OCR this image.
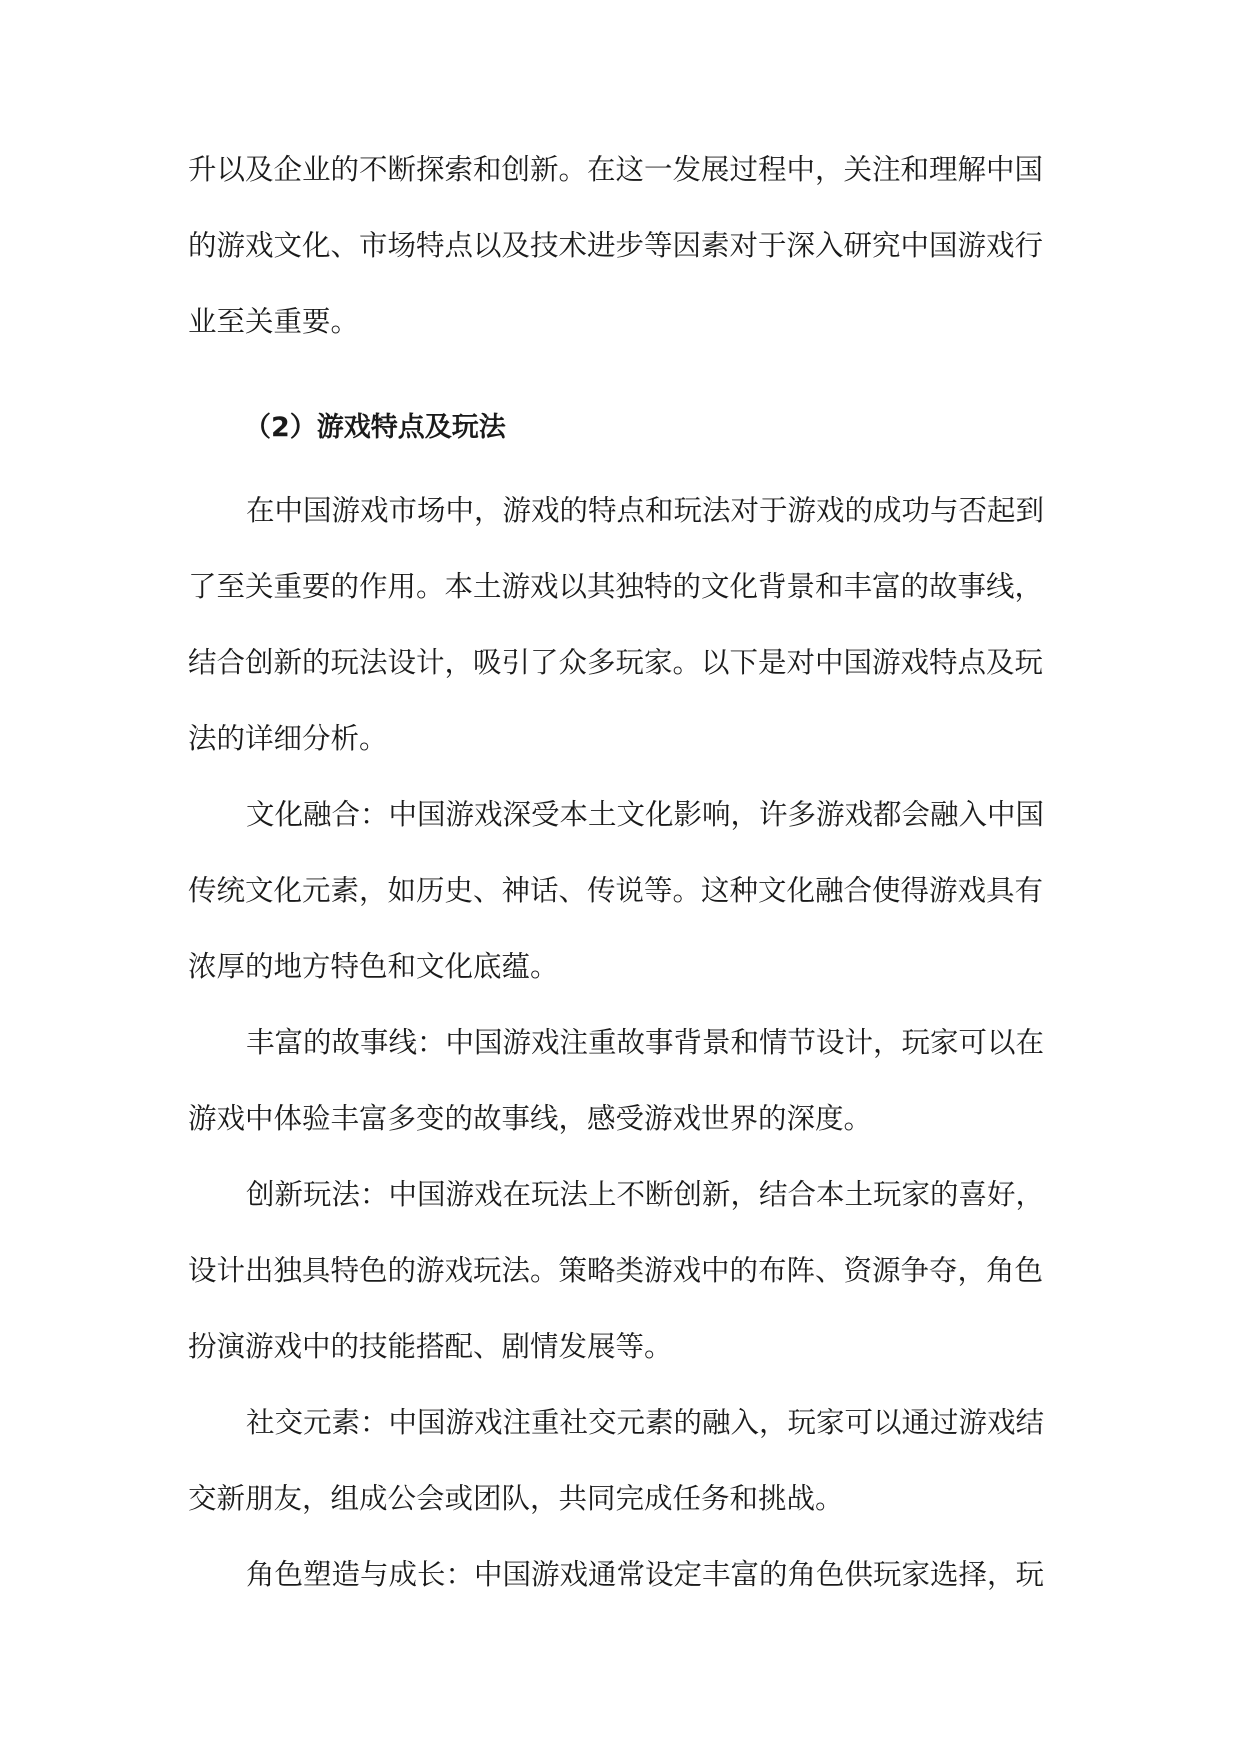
升以及企业的不断探索和创新。在这一发展过程中，关注和理解中国
的游戏文化、市场特点以及技术进步等因素对于深入研究中国游戏行
业至关重要。
（2）游戏特点及玩法
在中国游戏市场中，游戏的特点和玩法对于游戏的成功与否起到
了至关重要的作用。本土游戏以其独特的文化背景和丰富的故事线，
结合创新的玩法设计，吸引了众多玩家。以下是对中国游戏特点及玩
法的详细分析。
文化融合：中国游戏深受本土文化影响，许多游戏都会融入中国
传统文化元素，如历史、神话、传说等。这种文化融合使得游戏具有
浓厚的地方特色和文化底蕴。
丰富的故事线：中国游戏注重故事背景和情节设计，玩家可以在
游戏中体验丰富多变的故事线，感受游戏世界的深度。
创新玩法：中国游戏在玩法上不断创新，结合本土玩家的喜好，
设计出独具特色的游戏玩法。策略类游戏中的布阵、资源争夺，角色
扮演游戏中的技能搭配、剧情发展等。
社交元素：中国游戏注重社交元素的融入，玩家可以通过游戏结
交新朋友，组成公会或团队，共同完成任务和挑战。
角色塑造与成长：中国游戏通常设定丰富的角色供玩家选择，玩
